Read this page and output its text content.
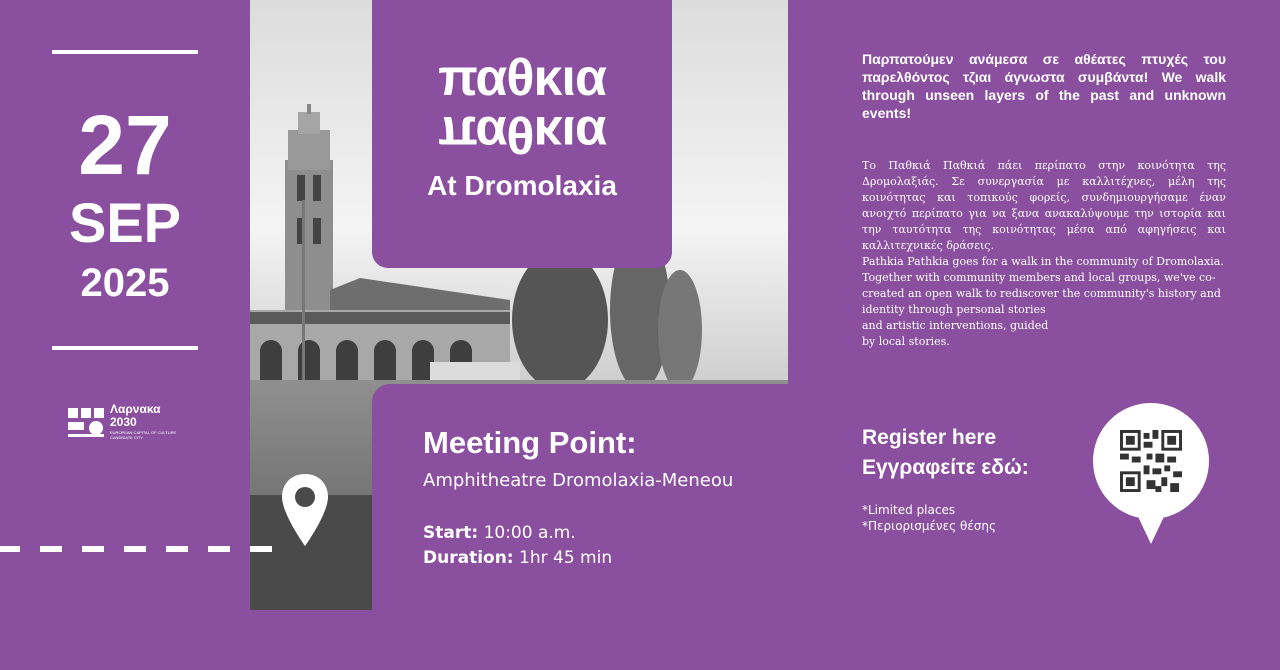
27
SEP
2025
Λαρνακα
2030
EUROPEAN CAPITAL OF CULTURE CANDIDATE CITY
παθκια
παθκια
At Dromolaxia
Παρπατούμεν ανάμεσα σε αθέατες πτυχές του παρελθόντος τζιαι άγνωστα συμβάντα! We walk through unseen layers of the past and unknown events!
Το Παθκιά Παθκιά πάει περίπατο στην κοινότητα της Δρομολαξιάς. Σε συνεργασία με καλλιτέχνες, μέλη της κοινότητας και τοπικούς φορείς, συνδημιουργήσαμε έναν ανοιχτό περίπατο για να ξανα ανακαλύψουμε την ιστορία και την ταυτότητα της κοινότητας μέσα από αφηγήσεις και καλλιτεχνικές δράσεις.

Pathkia Pathkia goes for a walk in the community of Dromolaxia. Together with community members and local groups, we've co-created an open walk to rediscover the community's history and identity through personal stories

and artistic interventions, guided

by local stories.

Meeting Point:
Amphitheatre Dromolaxia-Meneou
Start: 10:00 a.m.
Duration: 1hr 45 min
Register here
Εγγραφείτε εδώ:
*Limited places
*Περιορισμένες θέσης
